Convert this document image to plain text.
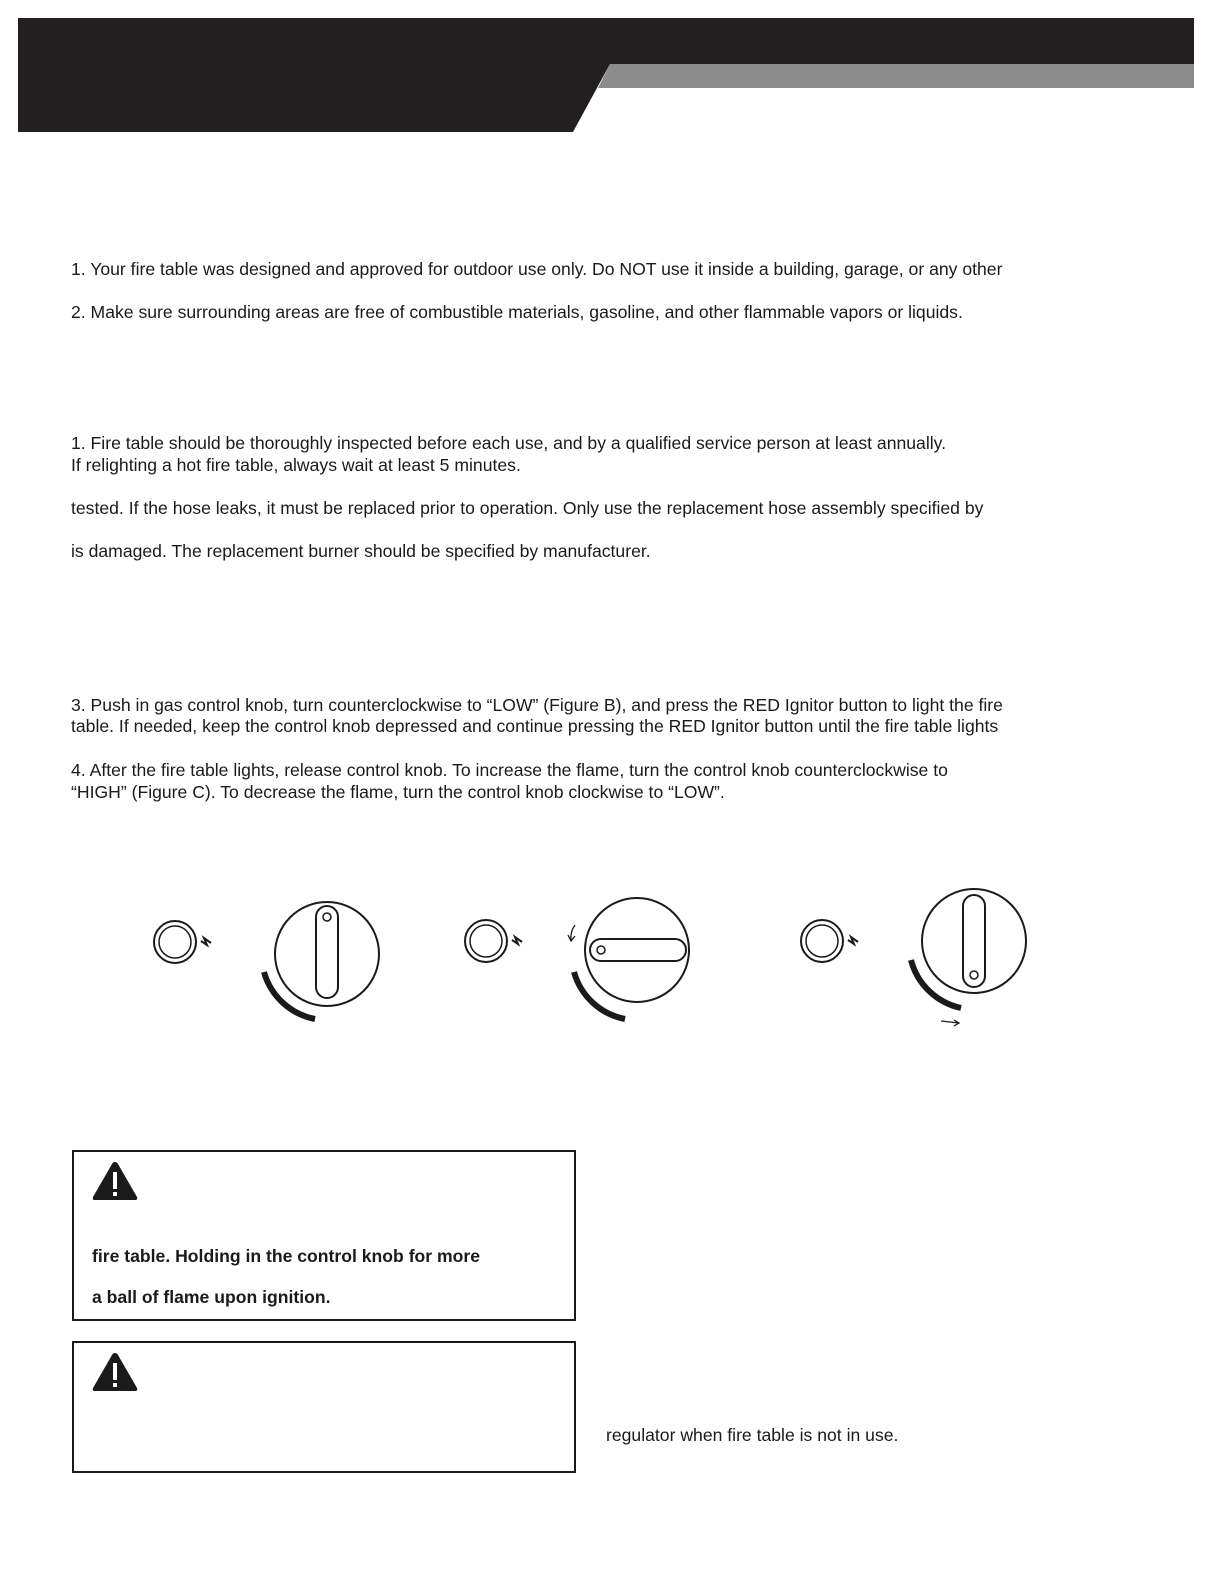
1. Your fire table was designed and approved for outdoor use only. Do NOT use it inside a building, garage, or any other

2. Make sure surrounding areas are free of combustible materials, gasoline, and other flammable vapors or liquids.

1. Fire table should be thoroughly inspected before each use, and by a qualified service person at least annually.

If relighting a hot fire table, always wait at least 5 minutes.

tested. If the hose leaks, it must be replaced prior to operation. Only use the replacement hose assembly specified by

is damaged. The replacement burner should be specified by manufacturer.

3. Push in gas control knob, turn counterclockwise to “LOW” (Figure B), and press the RED Ignitor button to light the fire

table. If needed, keep the control knob depressed and continue pressing the RED Ignitor button until the fire table lights

4. After the fire table lights, release control knob. To increase the flame, turn the control knob counterclockwise to

“HIGH” (Figure C). To decrease the flame, turn the control knob clockwise to “LOW”.

fire table. Holding in the control knob for more

a ball of flame upon ignition.

regulator when fire table is not in use.
